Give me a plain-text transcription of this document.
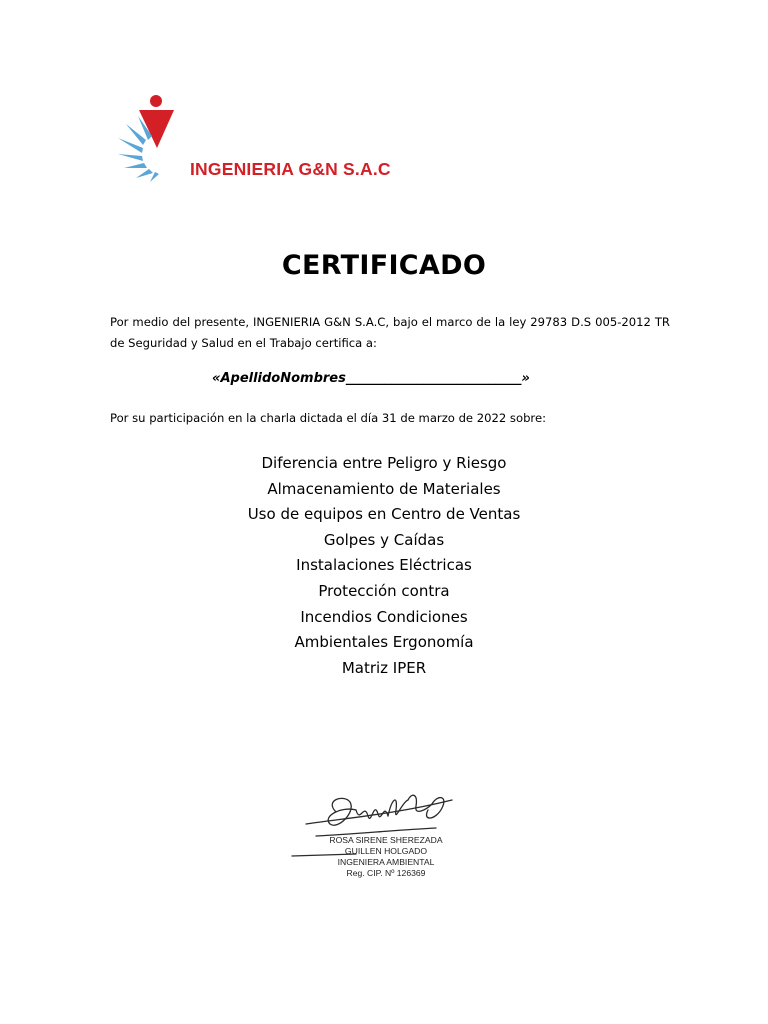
INGENIERIA G&N S.A.C
CERTIFICADO
Por medio del presente, INGENIERIA G&N S.A.C, bajo el marco de la ley 29783 D.S 005-2012 TR de Seguridad y Salud en el Trabajo certifica a:
«ApellidoNombres___________________________»
Por su participación en la charla dictada el día 31 de marzo de 2022 sobre:
Diferencia entre Peligro y Riesgo
Almacenamiento de Materiales
Uso de equipos en Centro de Ventas
Golpes y Caídas
Instalaciones Eléctricas
Protección contra
Incendios Condiciones
Ambientales Ergonomía
Matriz IPER
ROSA SIRENE SHEREZADA
GUILLEN HOLGADO
INGENIERA AMBIENTAL
Reg. CIP. Nº 126369
